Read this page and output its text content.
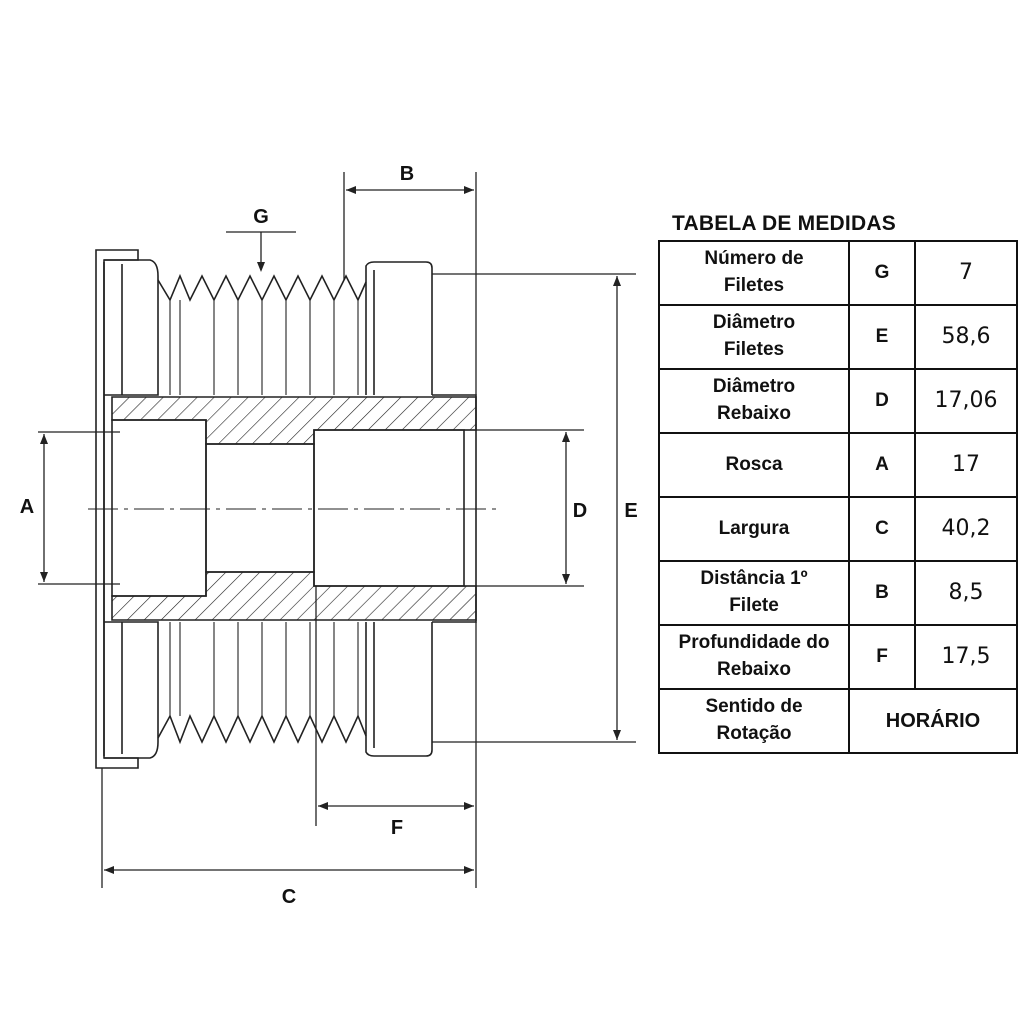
B
G
A	D E
F
C
TABELA DE MEDIDAS
Número de
Filetes	G	7

Diâmetro
Filetes	E	58,6

Diâmetro
Rebaixo	D	17,06

Rosca	A	17

Largura	C	40,2

Distância 1º
Filete	B	8,5

Profundidade do
Rebaixo	F	17,5

Sentido de
Rotação	HORÁRIO	
